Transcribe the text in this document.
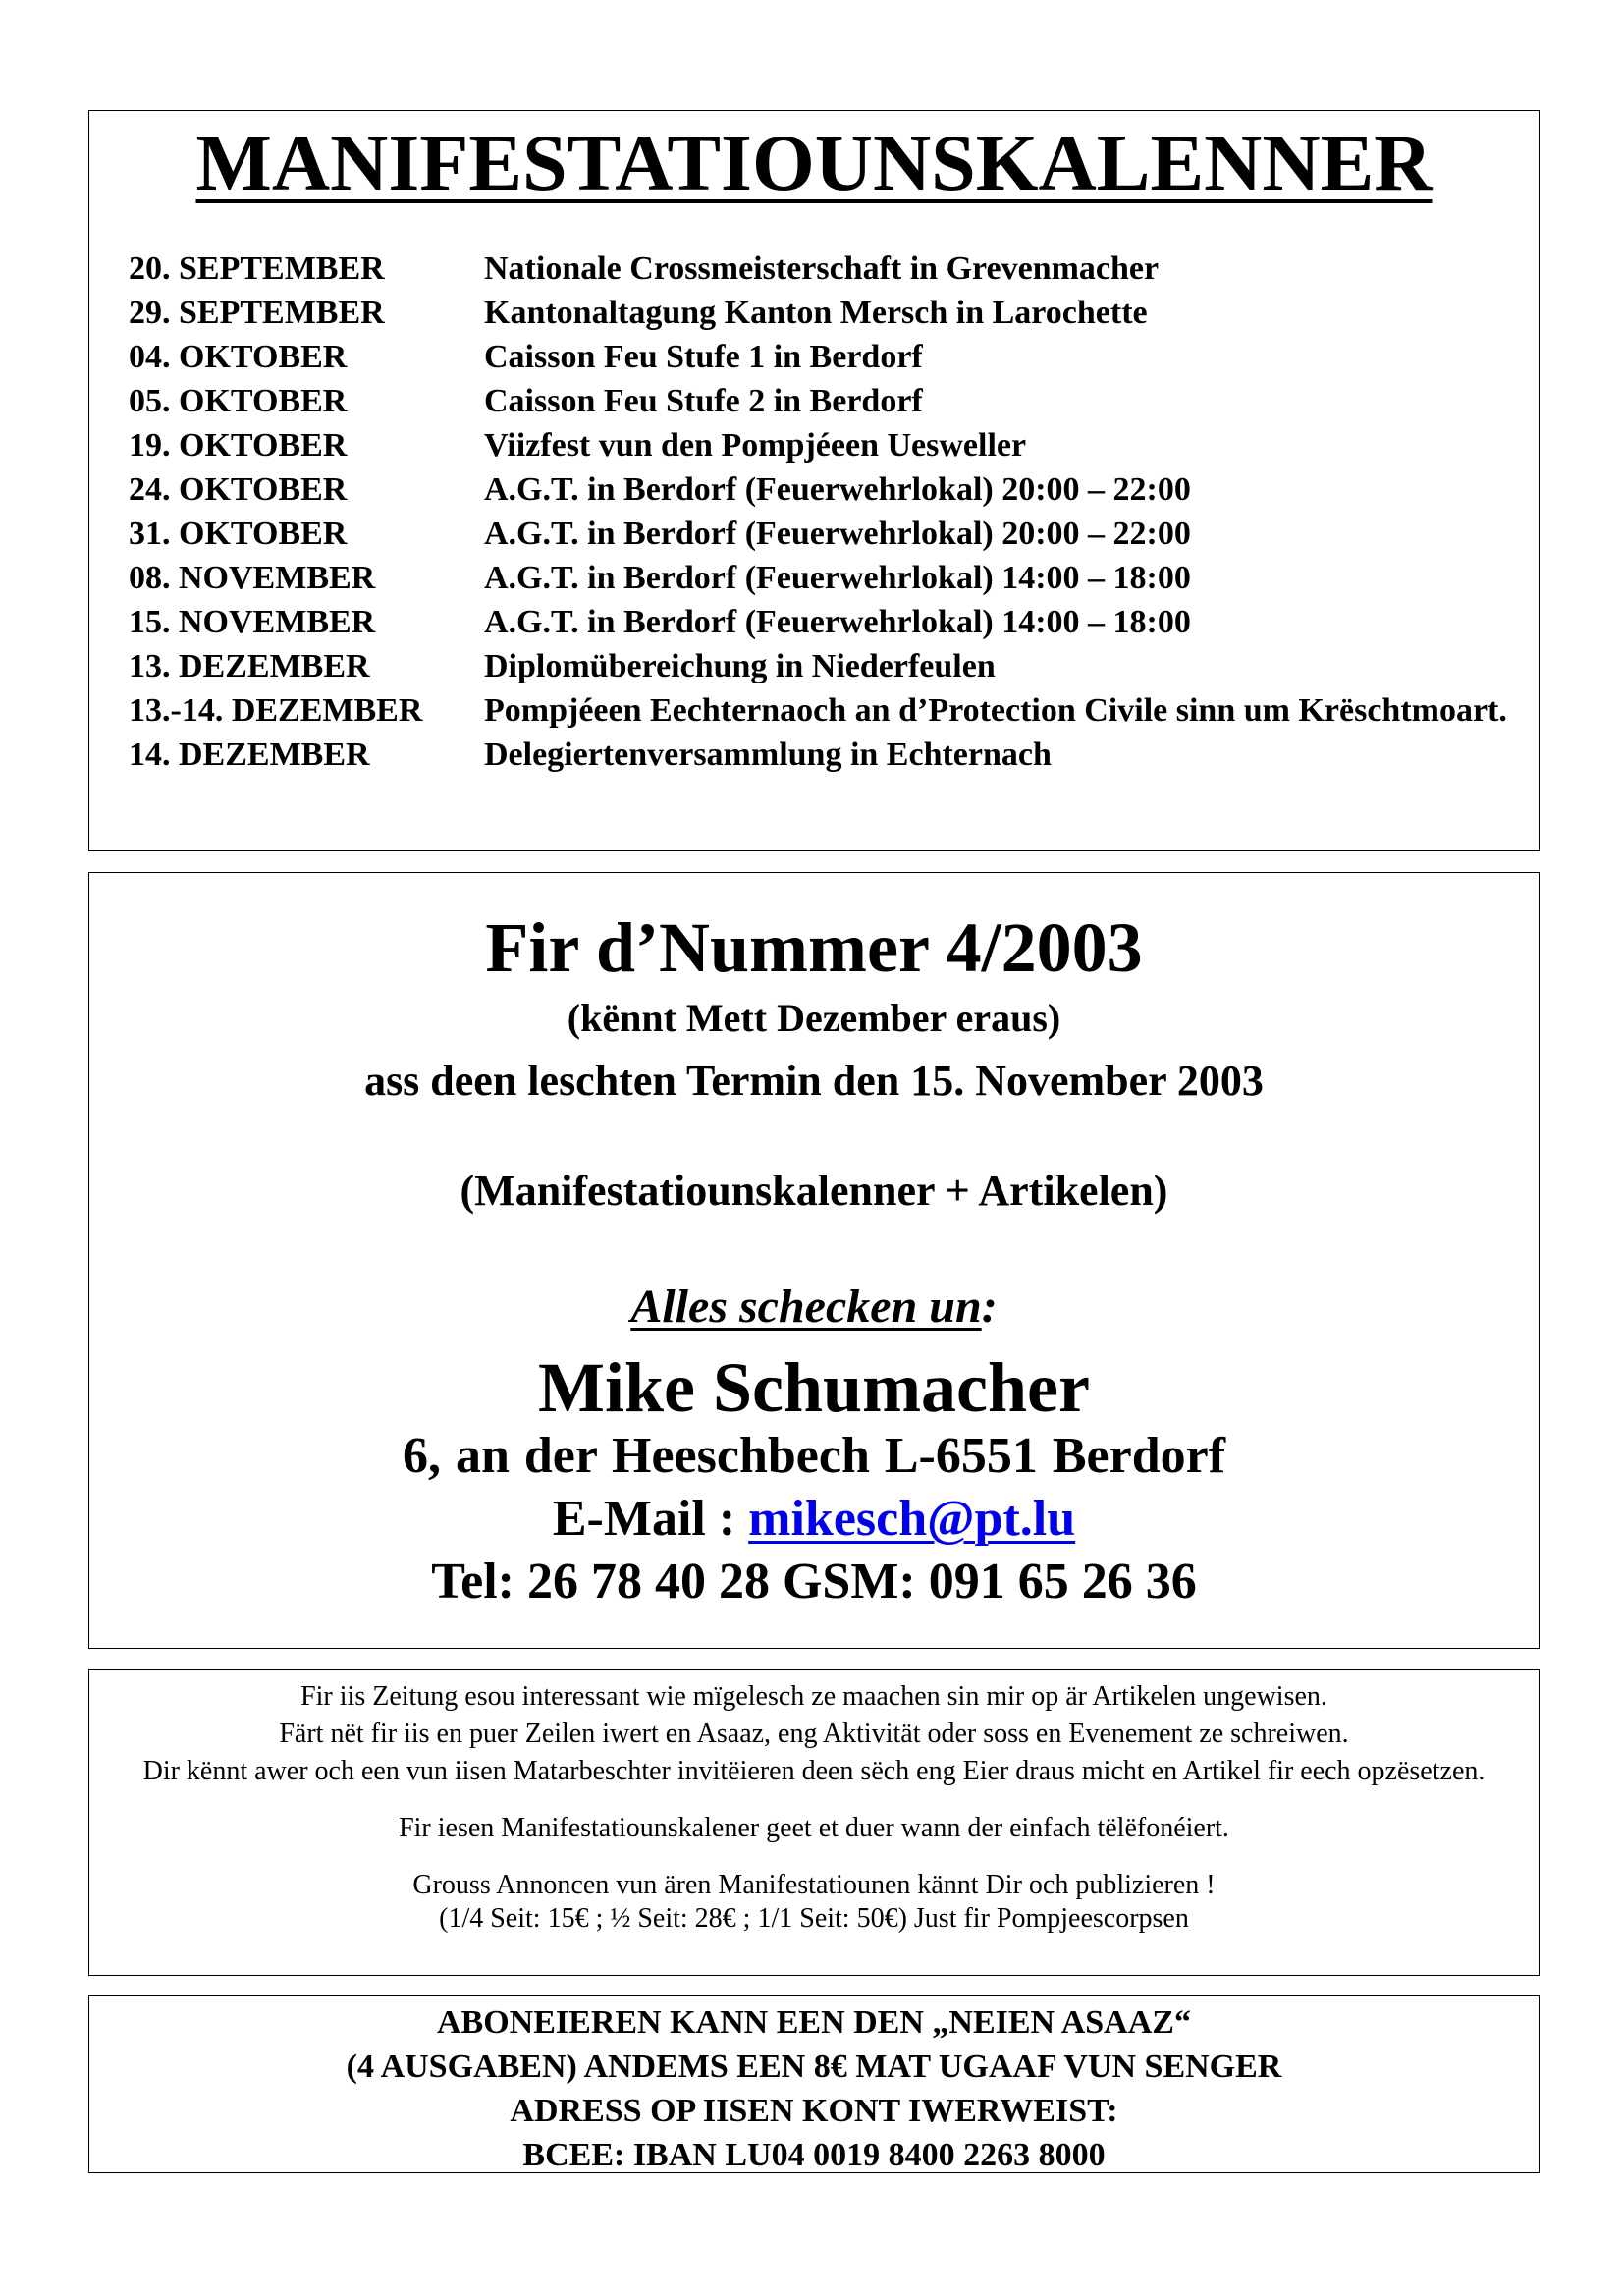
MANIFESTATIOUNSKALENNER
20. SEPTEMBER	Nationale Crossmeisterschaft in Grevenmacher
29. SEPTEMBER	Kantonaltagung Kanton Mersch in Larochette
04. OKTOBER	Caisson Feu Stufe 1 in Berdorf
05. OKTOBER	Caisson Feu Stufe 2 in Berdorf
19. OKTOBER	Viizfest vun den Pompjéeen Uesweller
24. OKTOBER	A.G.T. in Berdorf (Feuerwehrlokal) 20:00 – 22:00
31. OKTOBER	A.G.T. in Berdorf (Feuerwehrlokal) 20:00 – 22:00
08. NOVEMBER	A.G.T. in Berdorf (Feuerwehrlokal) 14:00 – 18:00
15. NOVEMBER	A.G.T. in Berdorf (Feuerwehrlokal) 14:00 – 18:00
13. DEZEMBER	Diplomübereichung in Niederfeulen
13.-14. DEZEMBER	Pompjéeen Eechternaoch an d’Protection Civile sinn um Krëschtmoart.
14. DEZEMBER	Delegiertenversammlung in Echternach
Fir d’Nummer 4/2003
(kënnt Mett Dezember eraus)
ass deen leschten Termin den 15. November 2003
(Manifestatiounskalenner + Artikelen)
Alles schecken un:
Mike Schumacher
6, an der Heeschbech L-6551 Berdorf
E-Mail : mikesch@pt.lu
Tel: 26 78 40 28 GSM: 091 65 26 36

Fir iis Zeitung esou interessant wie mïgelesch ze maachen sin mir op är Artikelen ungewisen.

Färt nët fir iis en puer Zeilen iwert en Asaaz, eng Aktivität oder soss en Evenement ze schreiwen.

Dir kënnt awer och een vun iisen Matarbeschter invitëieren deen sëch eng Eier draus micht en Artikel fir eech opzësetzen.

Fir iesen Manifestatiounskalener geet et duer wann der einfach tëlëfonéiert.

Grouss Annoncen vun ären Manifestatiounen kännt Dir och publizieren !

(1/4 Seit: 15€ ; ½ Seit: 28€ ; 1/1 Seit: 50€) Just fir Pompjeescorpsen

ABONEIEREN KANN EEN DEN „NEIEN ASAAZ“
(4 AUSGABEN) ANDEMS EEN 8€ MAT UGAAF VUN SENGER
ADRESS OP IISEN KONT IWERWEIST:
BCEE: IBAN LU04 0019 8400 2263 8000
